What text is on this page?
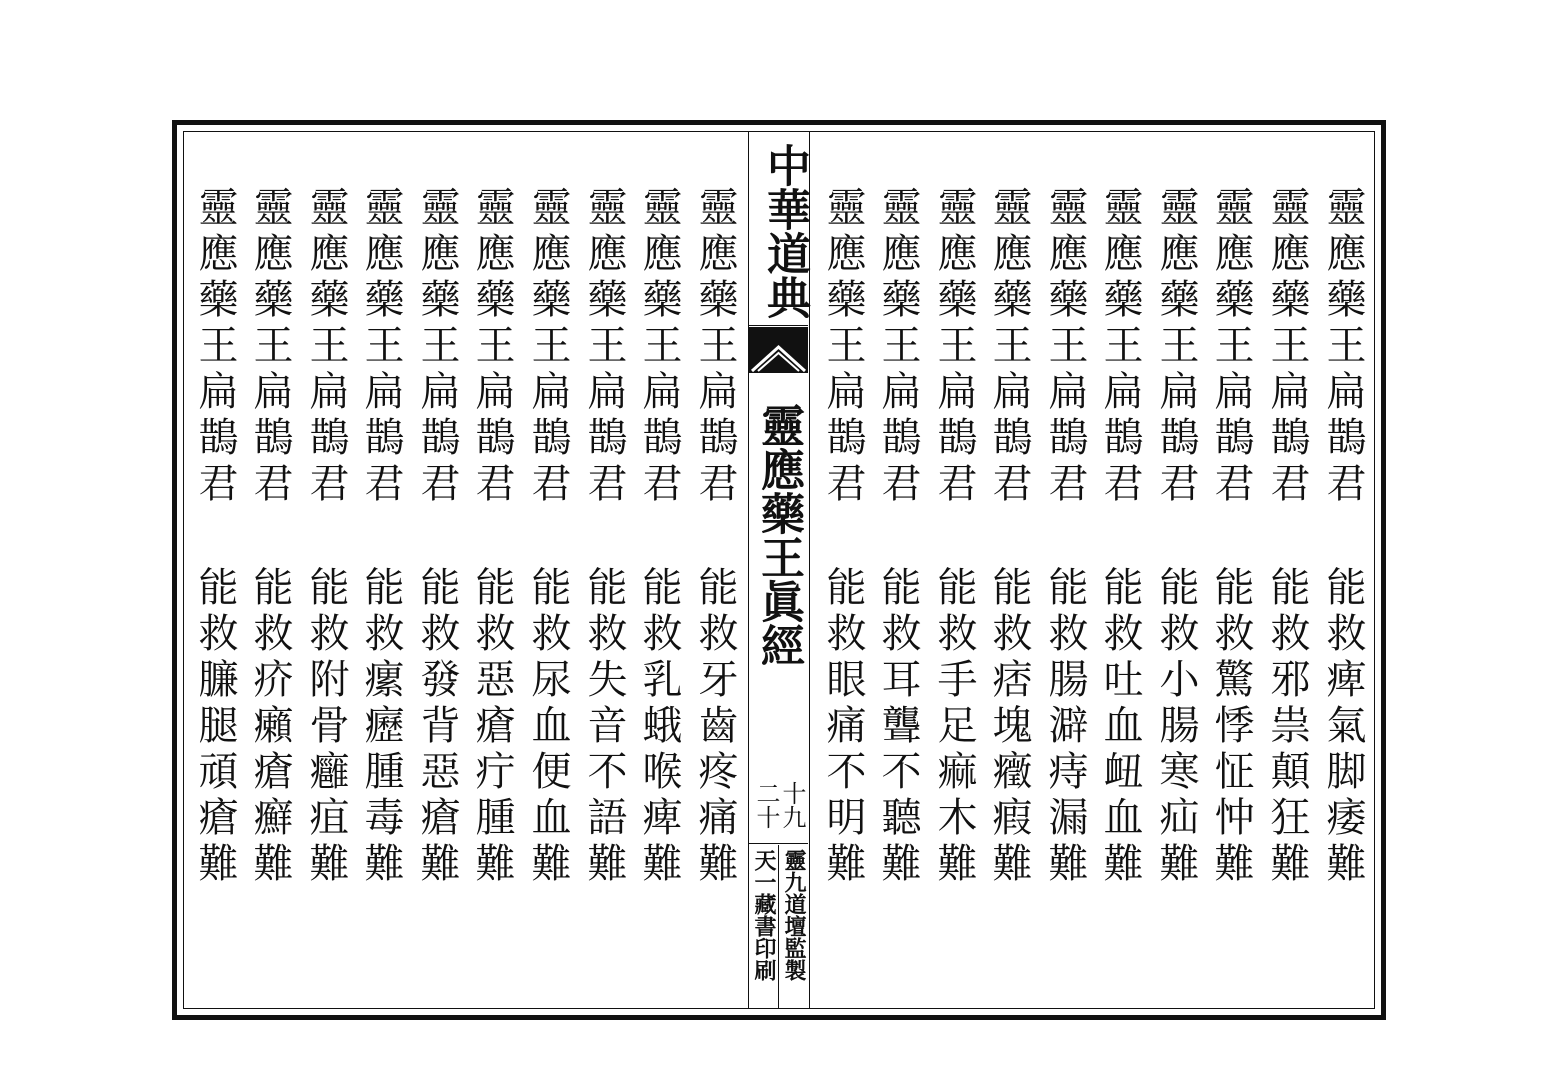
中華道典
靈應藥王眞經
十九
二十
靈九道壇監製
天一藏書印刷
靈應藥王扁鵲君
靈應藥王扁鵲君
靈應藥王扁鵲君
靈應藥王扁鵲君
靈應藥王扁鵲君
靈應藥王扁鵲君
靈應藥王扁鵲君
靈應藥王扁鵲君
靈應藥王扁鵲君
靈應藥王扁鵲君
能救痺氣脚痿難
能救邪祟顛狂難
能救驚悸怔忡難
能救小腸寒疝難
能救吐血衄血難
能救腸澼痔漏難
能救痞塊癥瘕難
能救手足痲木難
能救耳聾不聽難
能救眼痛不明難
靈應藥王扁鵲君
靈應藥王扁鵲君
靈應藥王扁鵲君
靈應藥王扁鵲君
靈應藥王扁鵲君
靈應藥王扁鵲君
靈應藥王扁鵲君
靈應藥王扁鵲君
靈應藥王扁鵲君
靈應藥王扁鵲君
能救牙齒疼痛難
能救乳蛾喉痺難
能救失音不語難
能救尿血便血難
能救惡瘡疔腫難
能救發背惡瘡難
能救瘰癧腫毒難
能救附骨癰疽難
能救疥癩瘡癬難
能救臁腿頑瘡難
